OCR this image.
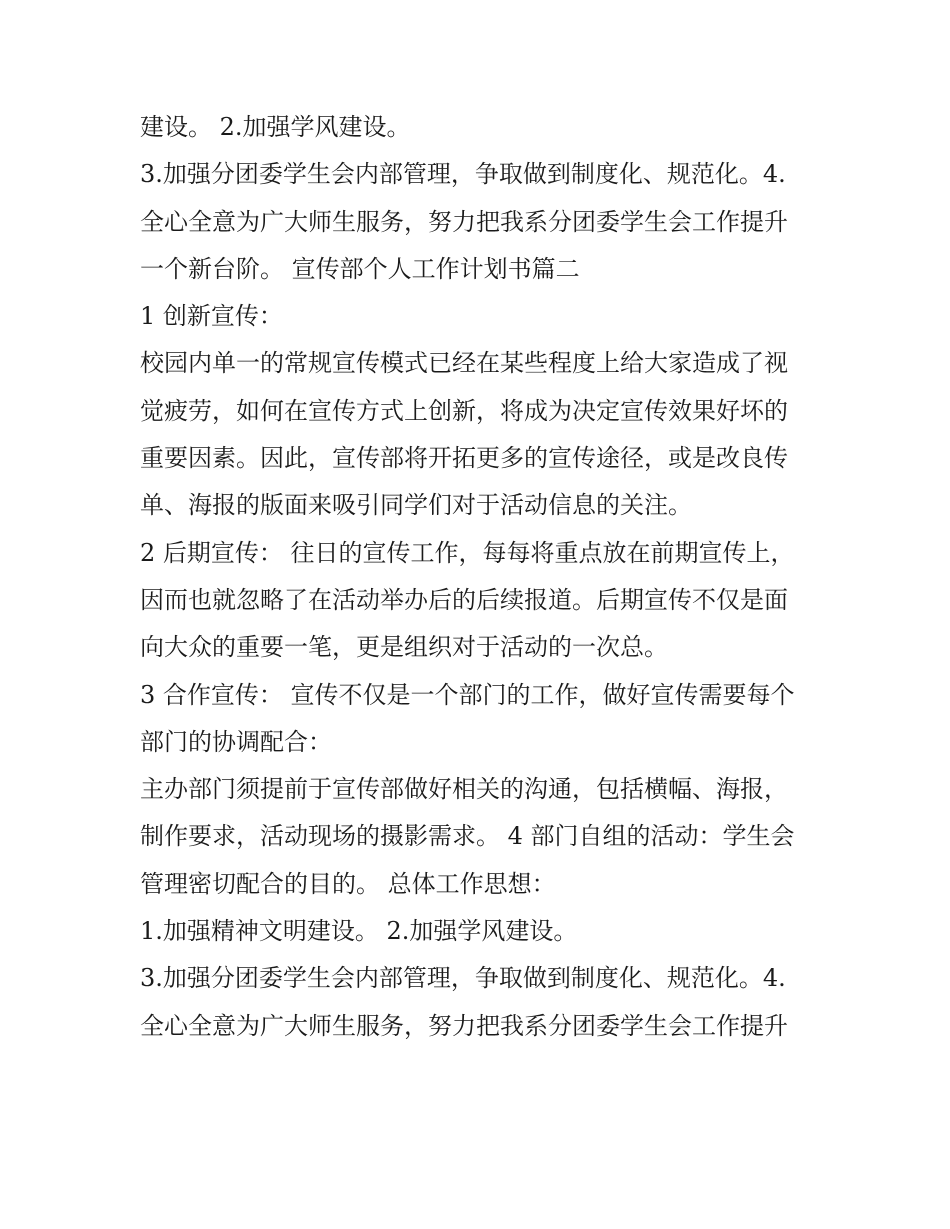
建设。 2.加强学风建设。
3.加强分团委学生会内部管理，争取做到制度化、规范化。4.
全心全意为广大师生服务，努力把我系分团委学生会工作提升
一个新台阶。 宣传部个人工作计划书篇二
1 创新宣传：
校园内单一的常规宣传模式已经在某些程度上给大家造成了视
觉疲劳，如何在宣传方式上创新，将成为决定宣传效果好坏的
重要因素。因此，宣传部将开拓更多的宣传途径，或是改良传
单、海报的版面来吸引同学们对于活动信息的关注。
2 后期宣传： 往日的宣传工作，每每将重点放在前期宣传上，
因而也就忽略了在活动举办后的后续报道。后期宣传不仅是面
向大众的重要一笔，更是组织对于活动的一次总。
3 合作宣传： 宣传不仅是一个部门的工作，做好宣传需要每个
部门的协调配合：
主办部门须提前于宣传部做好相关的沟通，包括横幅、海报，
制作要求，活动现场的摄影需求。 4 部门自组的活动：学生会
管理密切配合的目的。 总体工作思想：
1.加强精神文明建设。 2.加强学风建设。
3.加强分团委学生会内部管理，争取做到制度化、规范化。4.
全心全意为广大师生服务，努力把我系分团委学生会工作提升
